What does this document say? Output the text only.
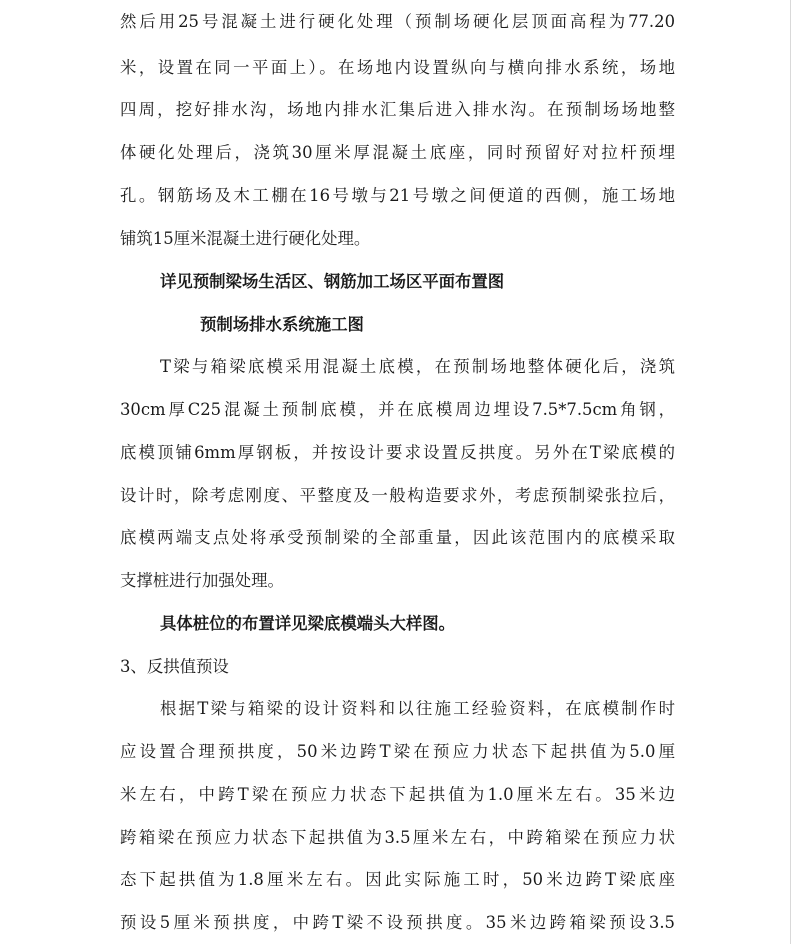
然后用25号混凝土进行硬化处理（预制场硬化层顶面高程为77.20
米，设置在同一平面上）。在场地内设置纵向与横向排水系统，场地
四周，挖好排水沟，场地内排水汇集后进入排水沟。在预制场场地整
体硬化处理后，浇筑30厘米厚混凝土底座，同时预留好对拉杆预埋
孔。钢筋场及木工棚在16号墩与21号墩之间便道的西侧，施工场地
铺筑15厘米混凝土进行硬化处理。
详见预制梁场生活区、钢筋加工场区平面布置图
预制场排水系统施工图
T梁与箱梁底模采用混凝土底模，在预制场地整体硬化后，浇筑
30cm厚C25混凝土预制底模，并在底模周边埋设7.5*7.5cm角钢，
底模顶铺6mm厚钢板，并按设计要求设置反拱度。另外在T梁底模的
设计时，除考虑刚度、平整度及一般构造要求外，考虑预制梁张拉后，
底模两端支点处将承受预制梁的全部重量，因此该范围内的底模采取
支撑桩进行加强处理。
具体桩位的布置详见梁底模端头大样图。
3、反拱值预设
根据T梁与箱梁的设计资料和以往施工经验资料，在底模制作时
应设置合理预拱度，50米边跨T梁在预应力状态下起拱值为5.0厘
米左右，中跨T梁在预应力状态下起拱值为1.0厘米左右。35米边
跨箱梁在预应力状态下起拱值为3.5厘米左右，中跨箱梁在预应力状
态下起拱值为1.8厘米左右。因此实际施工时，50米边跨T梁底座
预设5厘米预拱度，中跨T梁不设预拱度。35米边跨箱梁预设3.5
